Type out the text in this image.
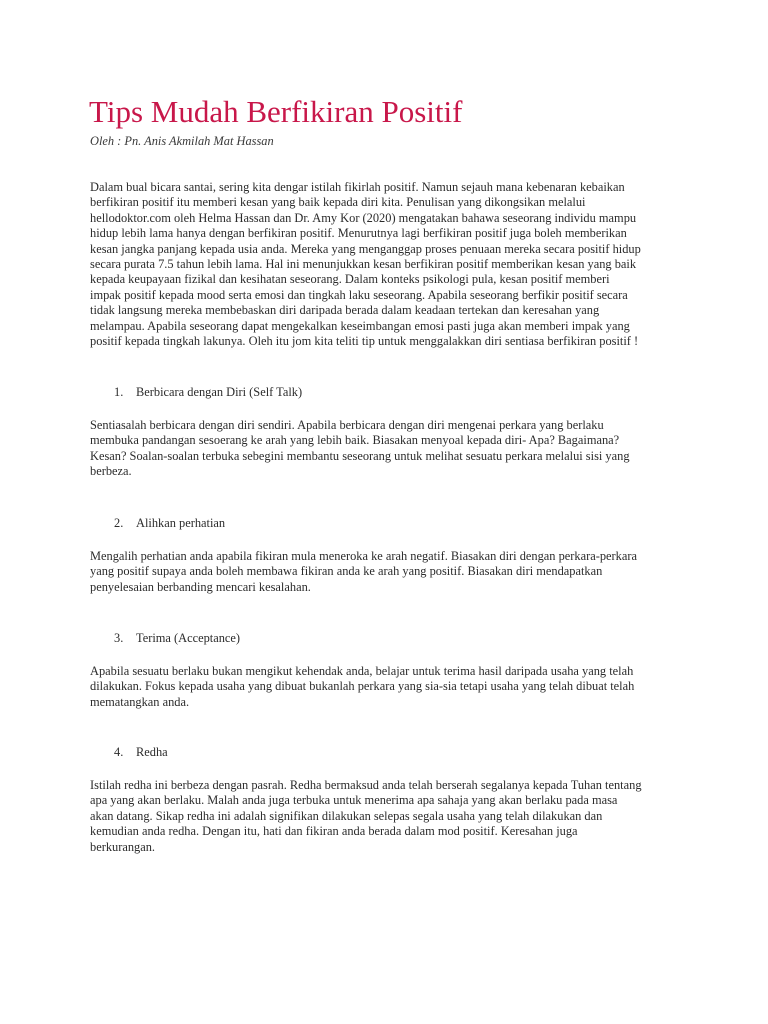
Tips Mudah Berfikiran Positif

Oleh : Pn. Anis Akmilah Mat Hassan

Dalam bual bicara santai, sering kita dengar istilah fikirlah positif. Namun sejauh mana kebenaran kebaikan
berfikiran positif itu memberi kesan yang baik kepada diri kita. Penulisan yang dikongsikan melalui
hellodoktor.com oleh Helma Hassan dan Dr. Amy Kor (2020) mengatakan bahawa seseorang individu mampu
hidup lebih lama hanya dengan berfikiran positif. Menurutnya lagi berfikiran positif juga boleh memberikan
kesan jangka panjang kepada usia anda. Mereka yang menganggap proses penuaan mereka secara positif hidup
secara purata 7.5 tahun lebih lama. Hal ini menunjukkan kesan berfikiran positif memberikan kesan yang baik
kepada keupayaan fizikal dan kesihatan seseorang. Dalam konteks psikologi pula, kesan positif memberi
impak positif kepada mood serta emosi dan tingkah laku seseorang. Apabila seseorang berfikir positif secara
tidak langsung mereka membebaskan diri daripada berada dalam keadaan tertekan dan keresahan yang
melampau. Apabila seseorang dapat mengekalkan keseimbangan emosi pasti juga akan memberi impak yang
positif kepada tingkah lakunya. Oleh itu jom kita teliti tip untuk menggalakkan diri sentiasa berfikiran positif !

1. Berbicara dengan Diri (Self Talk)

Sentiasalah berbicara dengan diri sendiri. Apabila berbicara dengan diri mengenai perkara yang berlaku
membuka pandangan sesoerang ke arah yang lebih baik. Biasakan menyoal kepada diri- Apa? Bagaimana?
Kesan? Soalan-soalan terbuka sebegini membantu seseorang untuk melihat sesuatu perkara melalui sisi yang
berbeza.

2. Alihkan perhatian

Mengalih perhatian anda apabila fikiran mula meneroka ke arah negatif. Biasakan diri dengan perkara-perkara
yang positif supaya anda boleh membawa fikiran anda ke arah yang positif. Biasakan diri mendapatkan
penyelesaian berbanding mencari kesalahan.

3. Terima (Acceptance)

Apabila sesuatu berlaku bukan mengikut kehendak anda, belajar untuk terima hasil daripada usaha yang telah
dilakukan. Fokus kepada usaha yang dibuat bukanlah perkara yang sia-sia tetapi usaha yang telah dibuat telah
mematangkan anda.

4. Redha

Istilah redha ini berbeza dengan pasrah. Redha bermaksud anda telah berserah segalanya kepada Tuhan tentang
apa yang akan berlaku. Malah anda juga terbuka untuk menerima apa sahaja yang akan berlaku pada masa
akan datang. Sikap redha ini adalah signifikan dilakukan selepas segala usaha yang telah dilakukan dan
kemudian anda redha. Dengan itu, hati dan fikiran anda berada dalam mod positif. Keresahan juga
berkurangan.
